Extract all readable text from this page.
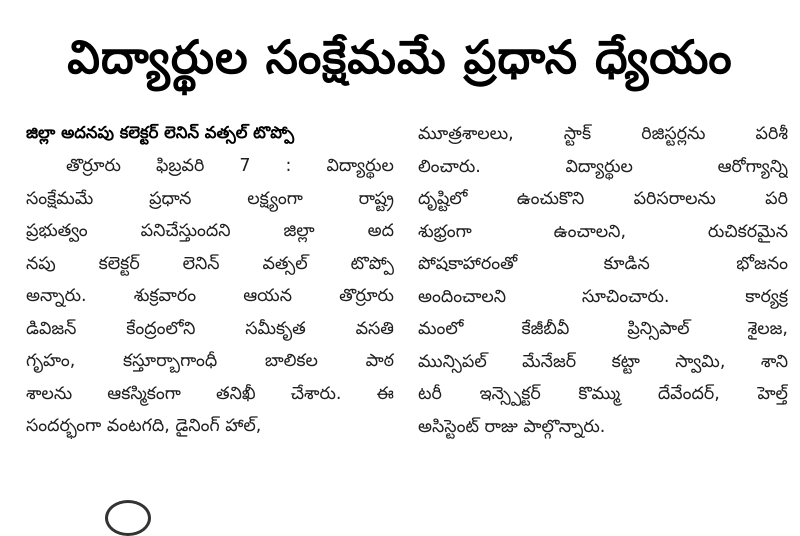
విద్యార్థుల సంక్షేమమే ప్రధాన ధ్యేయం
జిల్లా అదనపు కలెక్టర్ లెనిన్ వత్సల్ టొప్పో
తొర్రూరు ఫిబ్రవరి 7 : విద్యార్థుల
సంక్షేమమే	ప్రధాన	లక్ష్యంగా	రాష్ట్ర
ప్రభుత్వం	పనిచేస్తుందని	జిల్లా	అద
నపు కలెక్టర్ లెనిన్ వత్సల్ టొప్పో
అన్నారు.	శుక్రవారం	ఆయన	తొర్రూరు
డివిజన్	కేంద్రంలోని	సమీకృత	వసతి
గృహం,	కస్తూర్బాగాంధీ	బాలికల	పాఠ
శాలను ఆకస్మికంగా తనిఖీ చేశారు. ఈ
సందర్భంగా వంటగది, డైనింగ్ హాల్,
మూత్రశాలలు,	స్టాక్	రిజిస్టర్లను	పరిశీ
లించారు.	విద్యార్థుల	ఆరోగ్యాన్ని
దృష్టిలో	ఉంచుకొని	పరిసరాలను	పరి
శుభ్రంగా	ఉంచాలని,	రుచికరమైన
పోషకాహారంతో	కూడిన	భోజనం
అందించాలని	సూచించారు.	కార్యక్ర
మంలో	కేజీబీవీ	ప్రిన్సిపాల్	శైలజ,
మున్సిపల్ మేనేజర్ కట్టా స్వామి, శాని
టరీ ఇన్స్పెక్టర్ కొమ్ము దేవేందర్, హెల్త్
అసిస్టెంట్ రాజు పాల్గొన్నారు.
